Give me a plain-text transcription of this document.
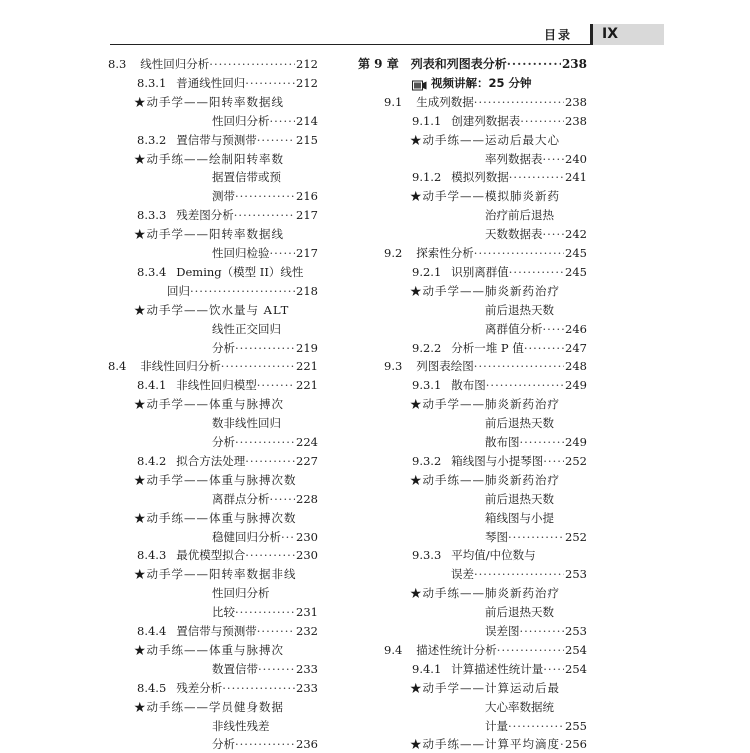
目录	IX
8.3 线性回归分析 ·····	212
8.3.1 普通线性回归 ·····	212
★动手学——阳转率数据线
性回归分析 ····· 214
8.3.2 置信带与预测带 ·····	215
★动手练——绘制阳转率数
据置信带或预
测带 ·····	216
8.3.3 残差图分析 ·····	217
★动手学——阳转率数据线
性回归检验 ····· 217
8.3.4 Deming（模型 II）线性
回归 ·····	218
★动手学——饮水量与 ALT
线性正交回归
分析 ·····	219
8.4 非线性回归分析 ·····	221
8.4.1 非线性回归模型 ·····	221
★动手学——体重与脉搏次
数非线性回归
分析 ·····	224
8.4.2 拟合方法处理 ·····	227
★动手学——体重与脉搏次数
离群点分析 ····· 228
★动手练——体重与脉搏次数
稳健回归分析 ····· 230
8.4.3 最优模型拟合 ·····	230
★动手学——阳转率数据非线
性回归分析
比较 ·····	231
8.4.4 置信带与预测带 ·····	232
★动手练——体重与脉搏次
数置信带 ·····	233
8.4.5 残差分析 ·····	233
★动手练——学员健身数据
非线性残差
分析 ·····	236
第 9 章 列表和列图表分析 ·····	238
视频讲解：25 分钟
9.1 生成列数据 ·····	238
9.1.1 创建列数据表 ·····	238
★动手练——运动后最大心
率列数据表 ····· 240
9.1.2 模拟列数据 ·····	241
★动手学——模拟肺炎新药
治疗前后退热
天数数据表 ····· 242
9.2 探索性分析 ·····	245
9.2.1 识别离群值 ·····	245
★动手学——肺炎新药治疗
前后退热天数
离群值分析 ····· 246
9.2.2 分析一堆 P 值 ·····	247
9.3 列图表绘图 ·····	248
9.3.1 散布图 ·····	249
★动手学——肺炎新药治疗
前后退热天数
散布图 ·····	249
9.3.2 箱线图与小提琴图 ····· 252
★动手练——肺炎新药治疗
前后退热天数
箱线图与小提
琴图 ·····	252
9.3.3 平均值/中位数与
误差 ·····	253
★动手练——肺炎新药治疗
前后退热天数
误差图 ·····	253
9.4 描述性统计分析 ·····	254
9.4.1 计算描述性统计量 ····· 254
★动手学——计算运动后最
大心率数据统
计量 ·····	255
★动手练——计算平均滴度 ····· 256
